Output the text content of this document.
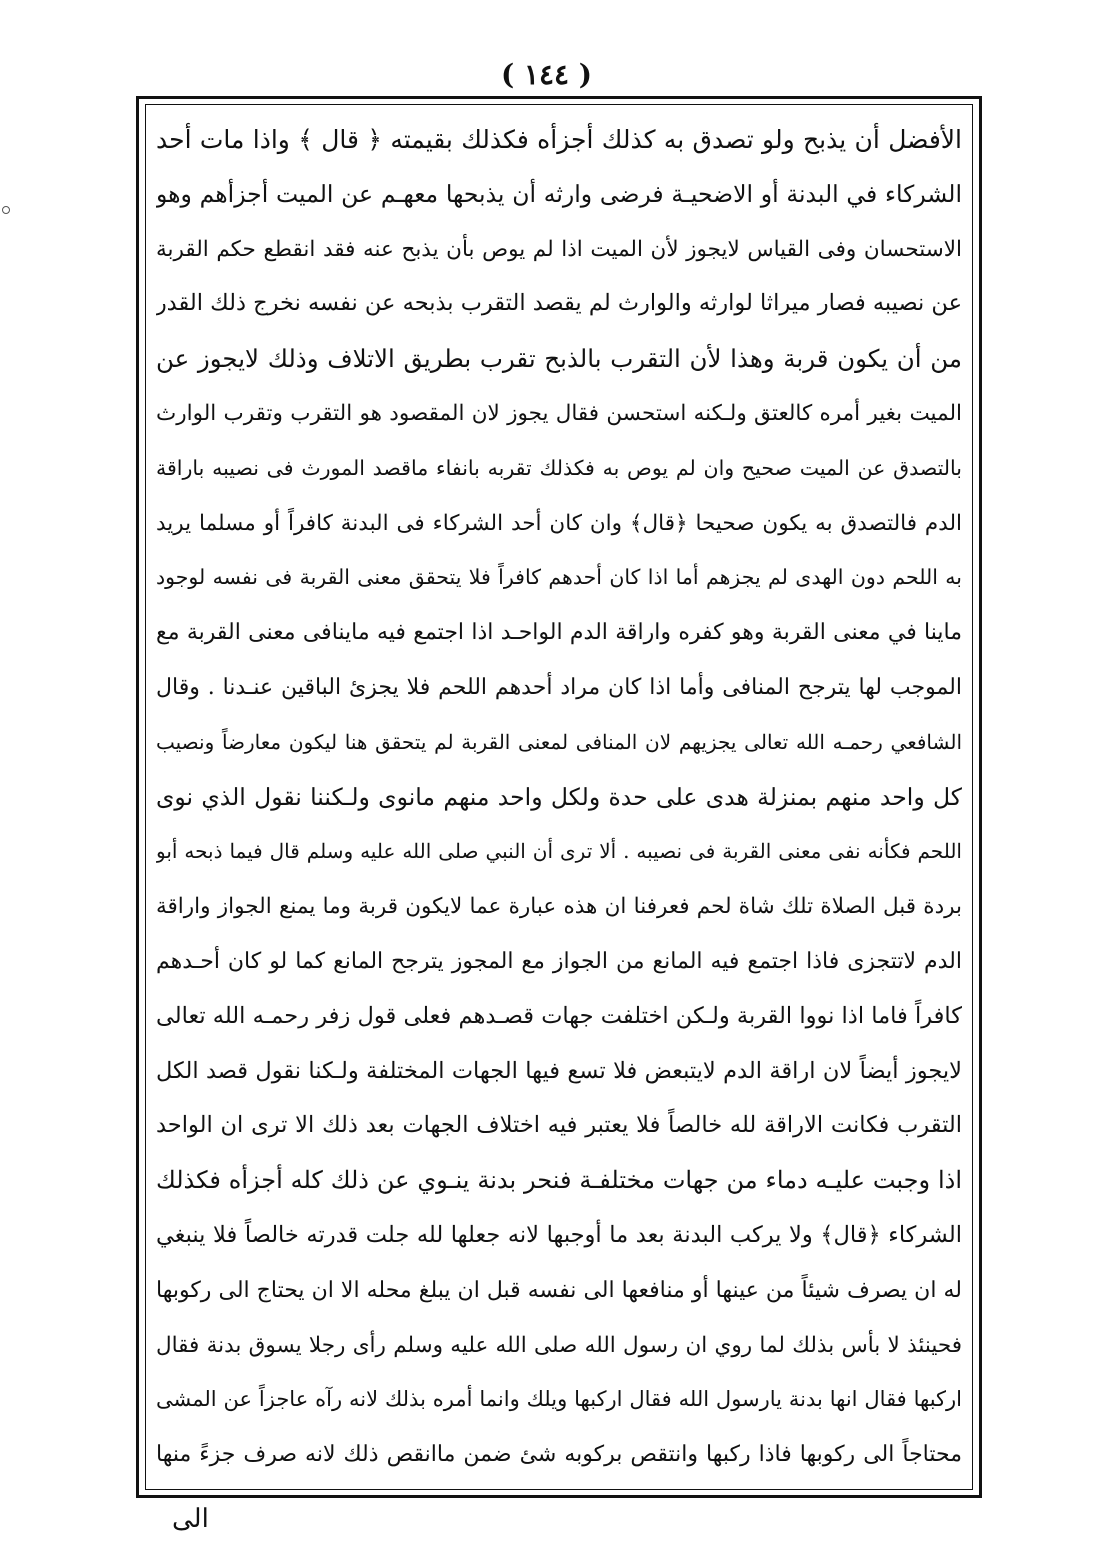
( ١٤٤ )
الأفضل أن يذبح ولو تصدق به كذلك أجزأه فكذلك بقيمته ﴿ قال ﴾ واذا مات أحد
الشركاء في البدنة أو الاضحيـة فرضى وارثه أن يذبحها معهـم عن الميت أجزأهم وهو
الاستحسان وفى القياس لايجوز لأن الميت اذا لم يوص بأن يذبح عنه فقد انقطع حكم القربة
عن نصيبه فصار ميراثا لوارثه والوارث لم يقصد التقرب بذبحه عن نفسه نخرج ذلك القدر
من أن يكون قربة وهذا لأن التقرب بالذبح تقرب بطريق الاتلاف وذلك لايجوز عن
الميت بغير أمره كالعتق ولـكنه استحسن فقال يجوز لان المقصود هو التقرب وتقرب الوارث
بالتصدق عن الميت صحيح وان لم يوص به فكذلك تقربه بانفاء ماقصد المورث فى نصيبه باراقة
الدم فالتصدق به يكون صحيحا ﴿قال﴾ وان كان أحد الشركاء فى البدنة كافراً أو مسلما يريد
به اللحم دون الهدى لم يجزهم أما اذا كان أحدهم كافراً فلا يتحقق معنى القربة فى نفسه لوجود
ماينا في معنى القربة وهو كفره واراقة الدم الواحـد اذا اجتمع فيه ماينافى معنى القربة مع
الموجب لها يترجح المنافى وأما اذا كان مراد أحدهم اللحم فلا يجزئ الباقين عنـدنا . وقال
الشافعي رحمـه الله تعالى يجزيهم لان المنافى لمعنى القربة لم يتحقق هنا ليكون معارضاً ونصيب
كل واحد منهم بمنزلة هدى على حدة ولكل واحد منهم مانوى ولـكننا نقول الذي نوى
اللحم فكأنه نفى معنى القربة فى نصيبه . ألا ترى أن النبي صلى الله عليه وسلم قال فيما ذبحه أبو
بردة قبل الصلاة تلك شاة لحم فعرفنا ان هذه عبارة عما لايكون قربة وما يمنع الجواز واراقة
الدم لاتتجزى فاذا اجتمع فيه المانع من الجواز مع المجوز يترجح المانع كما لو كان أحـدهم
كافراً فاما اذا نووا القربة ولـكن اختلفت جهات قصـدهم فعلى قول زفر رحمـه الله تعالى
لايجوز أيضاً لان اراقة الدم لايتبعض فلا تسع فيها الجهات المختلفة ولـكنا نقول قصد الكل
التقرب فكانت الاراقة لله خالصاً فلا يعتبر فيه اختلاف الجهات بعد ذلك الا ترى ان الواحد
اذا وجبت عليـه دماء من جهات مختلفـة فنحر بدنة ينـوي عن ذلك كله أجزأه فكذلك
الشركاء ﴿قال﴾ ولا يركب البدنة بعد ما أوجبها لانه جعلها لله جلت قدرته خالصاً فلا ينبغي
له ان يصرف شيئاً من عينها أو منافعها الى نفسه قبل ان يبلغ محله الا ان يحتاج الى ركوبها
فحينئذ لا بأس بذلك لما روي ان رسول الله صلى الله عليه وسلم رأى رجلا يسوق بدنة فقال
اركبها فقال انها بدنة يارسول الله فقال اركبها ويلك وانما أمره بذلك لانه رآه عاجزاً عن المشى
محتاجاً الى ركوبها فاذا ركبها وانتقص بركوبه شئ ضمن ماانقص ذلك لانه صرف جزءً منها
الى
